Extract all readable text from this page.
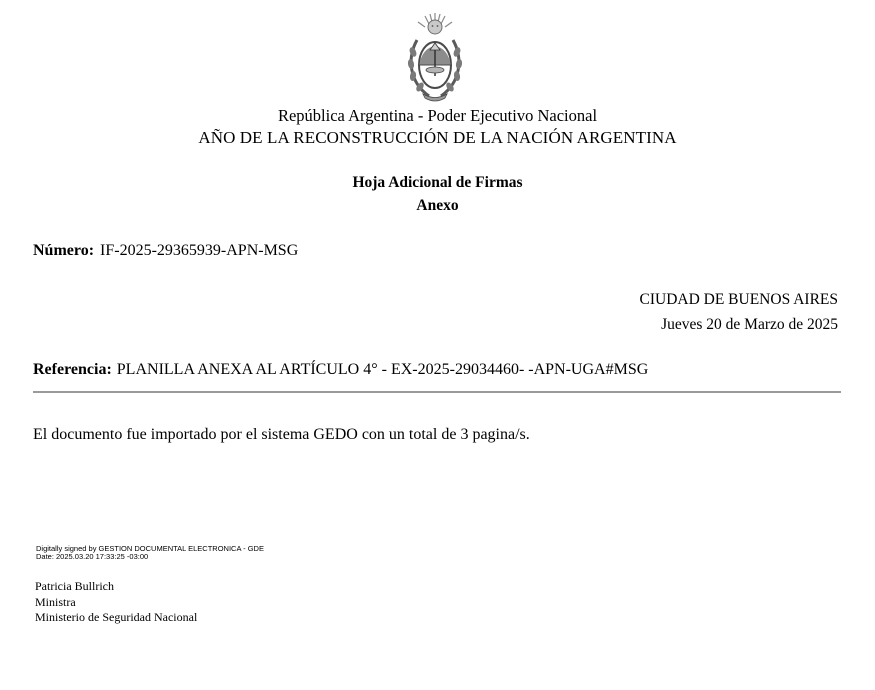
República Argentina - Poder Ejecutivo Nacional
AÑO DE LA RECONSTRUCCIÓN DE LA NACIÓN ARGENTINA
Hoja Adicional de Firmas
Anexo
Número: IF-2025-29365939-APN-MSG
CIUDAD DE BUENOS AIRES
Jueves 20 de Marzo de 2025
Referencia: PLANILLA ANEXA AL ARTÍCULO 4° - EX-2025-29034460- -APN-UGA#MSG
El documento fue importado por el sistema GEDO con un total de 3 pagina/s.
Digitally signed by GESTION DOCUMENTAL ELECTRONICA - GDE
Date: 2025.03.20 17:33:25 -03:00
Patricia Bullrich
Ministra
Ministerio de Seguridad Nacional
